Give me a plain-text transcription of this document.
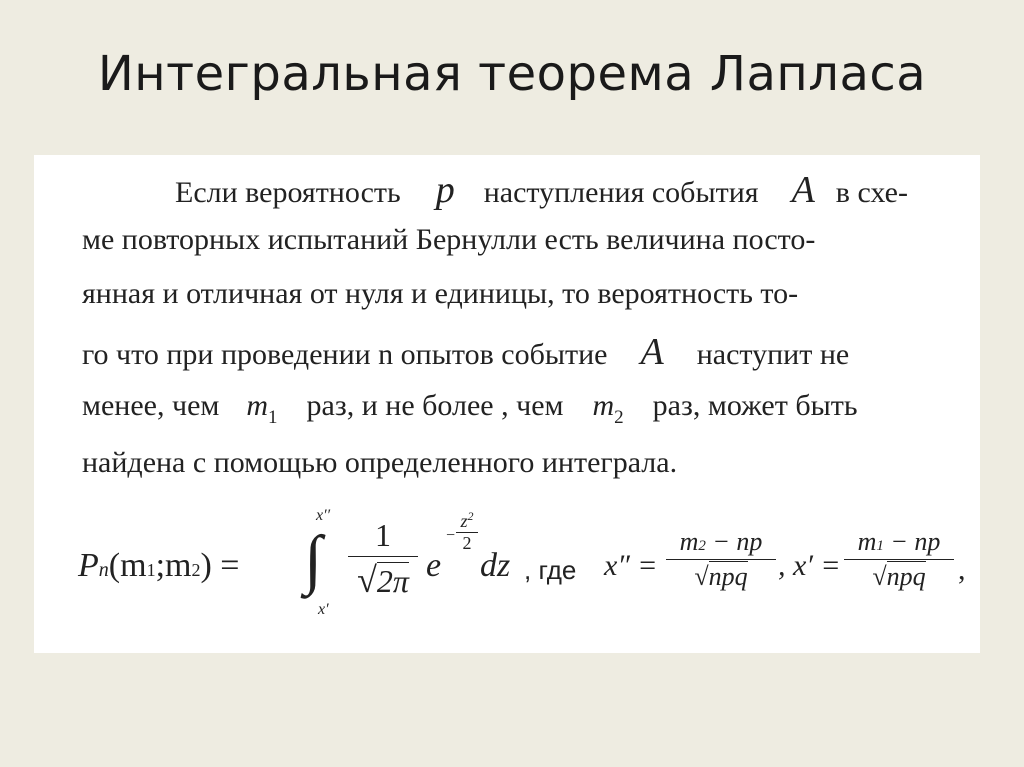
Интегральная теорема Лапласа
Если вероятность p наступления события A в схе-
ме повторных испытаний Бернулли есть величина посто-
янная и отличная от нуля и единицы, то вероятность то-
го что при проведении n опытов событие A наступит не
менее, чем $m_1$ раз, и не более , чем $m_2$ раз, может быть
найдена с помощью определенного интеграла.
Pn(m1;m2) =
x′′
∫
x′
1
√2π e
−
$z^2$
2
dz , где x″ =
m2 − np
√npq	, x′ =
m1 − np
√npq	,
